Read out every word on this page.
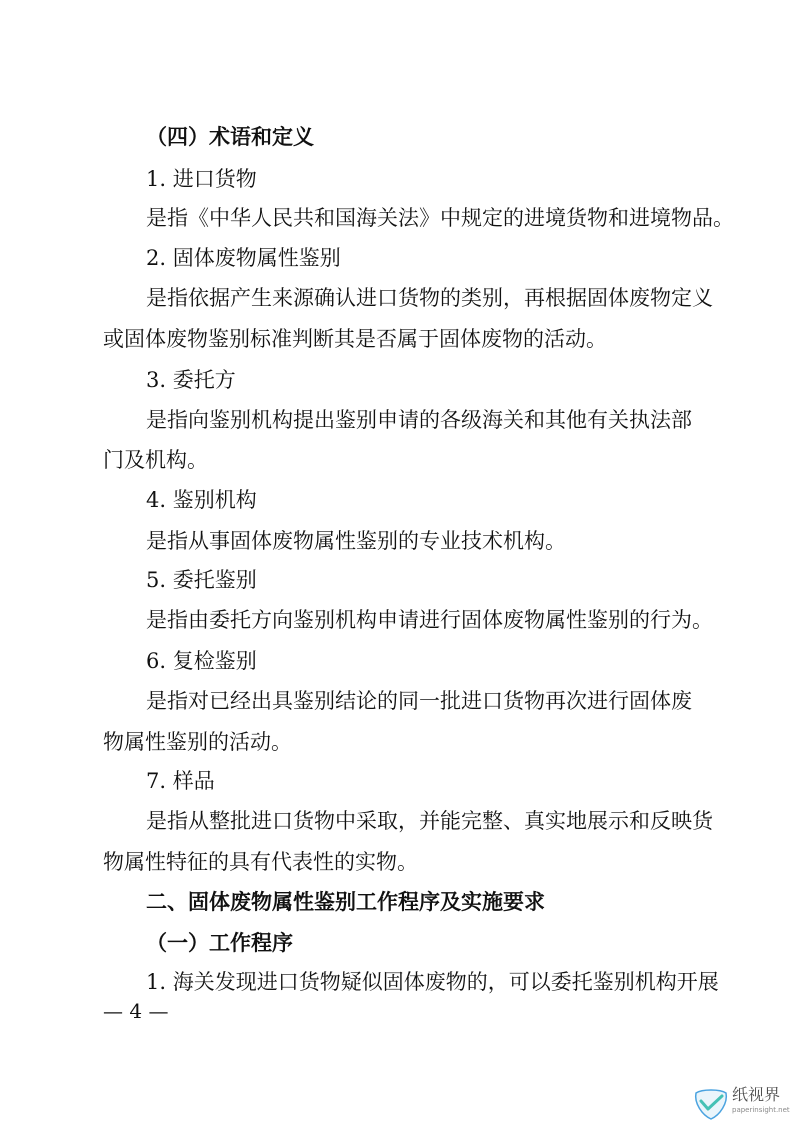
（四）术语和定义
1. 进口货物
是指《中华人民共和国海关法》中规定的进境货物和进境物品。
2. 固体废物属性鉴别
是指依据产生来源确认进口货物的类别，再根据固体废物定义
或固体废物鉴别标准判断其是否属于固体废物的活动。
3. 委托方
是指向鉴别机构提出鉴别申请的各级海关和其他有关执法部
门及机构。
4. 鉴别机构
是指从事固体废物属性鉴别的专业技术机构。
5. 委托鉴别
是指由委托方向鉴别机构申请进行固体废物属性鉴别的行为。
6. 复检鉴别
是指对已经出具鉴别结论的同一批进口货物再次进行固体废
物属性鉴别的活动。
7. 样品
是指从整批进口货物中采取，并能完整、真实地展示和反映货
物属性特征的具有代表性的实物。
二、固体废物属性鉴别工作程序及实施要求
（一）工作程序
1. 海关发现进口货物疑似固体废物的，可以委托鉴别机构开展
— 4 —
纸视界
paperinsight.net
